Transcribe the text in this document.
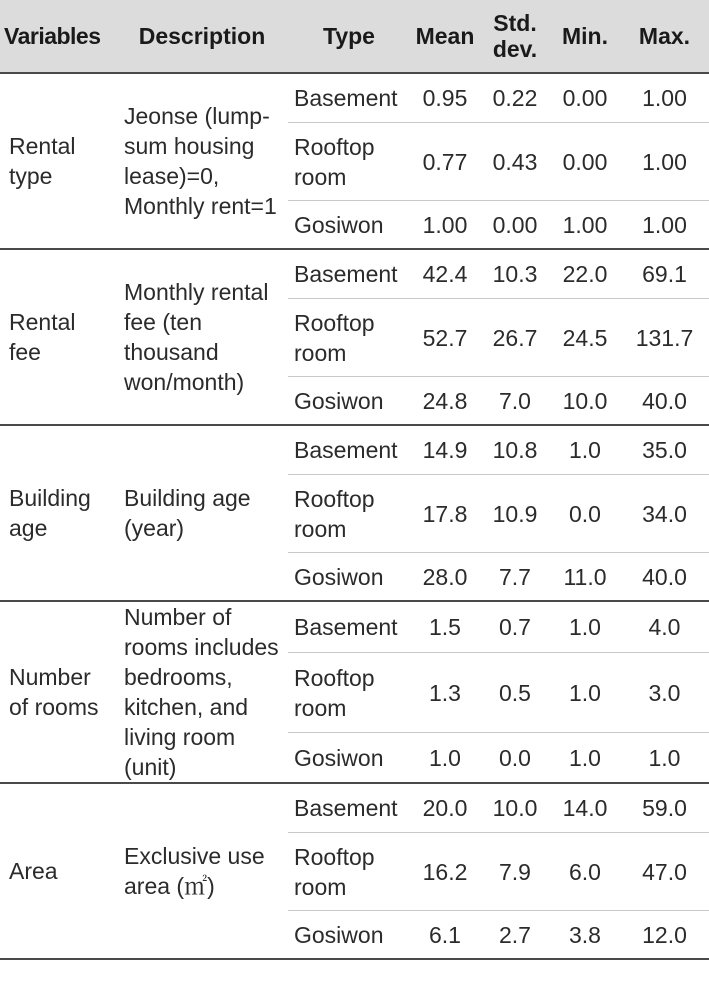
Variables	Description	Type	Mean	Std. dev.	Min.	Max.
Rental type	Jeonse (lump-sum housing lease)=0, Monthly rent=1	Basement	0.95	0.22	0.00	1.00
		Rooftop room	0.77	0.43	0.00	1.00
		Gosiwon	1.00	0.00	1.00	1.00
Rental fee	Monthly rental fee (ten thousand won/month)	Basement	42.4	10.3	22.0	69.1
		Rooftop room	52.7	26.7	24.5	131.7
		Gosiwon	24.8	7.0	10.0	40.0
Building age	Building age (year)	Basement	14.9	10.8	1.0	35.0
		Rooftop room	17.8	10.9	0.0	34.0
		Gosiwon	28.0	7.7	11.0	40.0
Number of rooms	Number of rooms includes bedrooms, kitchen, and living room (unit)	Basement	1.5	0.7	1.0	4.0
		Rooftop room	1.3	0.5	1.0	3.0
		Gosiwon	1.0	0.0	1.0	1.0
Area	Exclusive use area (㎡)	Basement	20.0	10.0	14.0	59.0
		Rooftop room	16.2	7.9	6.0	47.0
		Gosiwon	6.1	2.7	3.8	12.0
